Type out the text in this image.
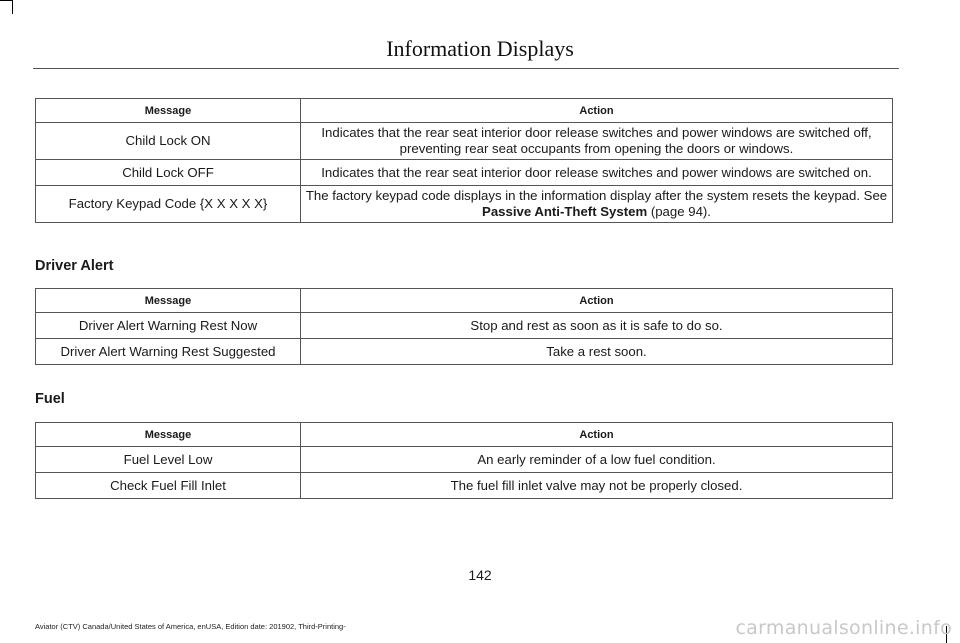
Information Displays
Message	Action
Child Lock ON	Indicates that the rear seat interior door release switches and power windows are switched off, preventing rear seat occupants from opening the doors or windows.
Child Lock OFF	Indicates that the rear seat interior door release switches and power windows are switched on.
Factory Keypad Code {X X X X X}	The factory keypad code displays in the information display after the system resets the keypad. See Passive Anti-Theft System (page 94).
Driver Alert
Message	Action
Driver Alert Warning Rest Now	Stop and rest as soon as it is safe to do so.
Driver Alert Warning Rest Suggested	Take a rest soon.
Fuel
Message	Action
Fuel Level Low	An early reminder of a low fuel condition.
Check Fuel Fill Inlet	The fuel fill inlet valve may not be properly closed.
142
Aviator (CTV) Canada/United States of America, enUSA, Edition date: 201902, Third-Printing-	carmanualsonline.info
